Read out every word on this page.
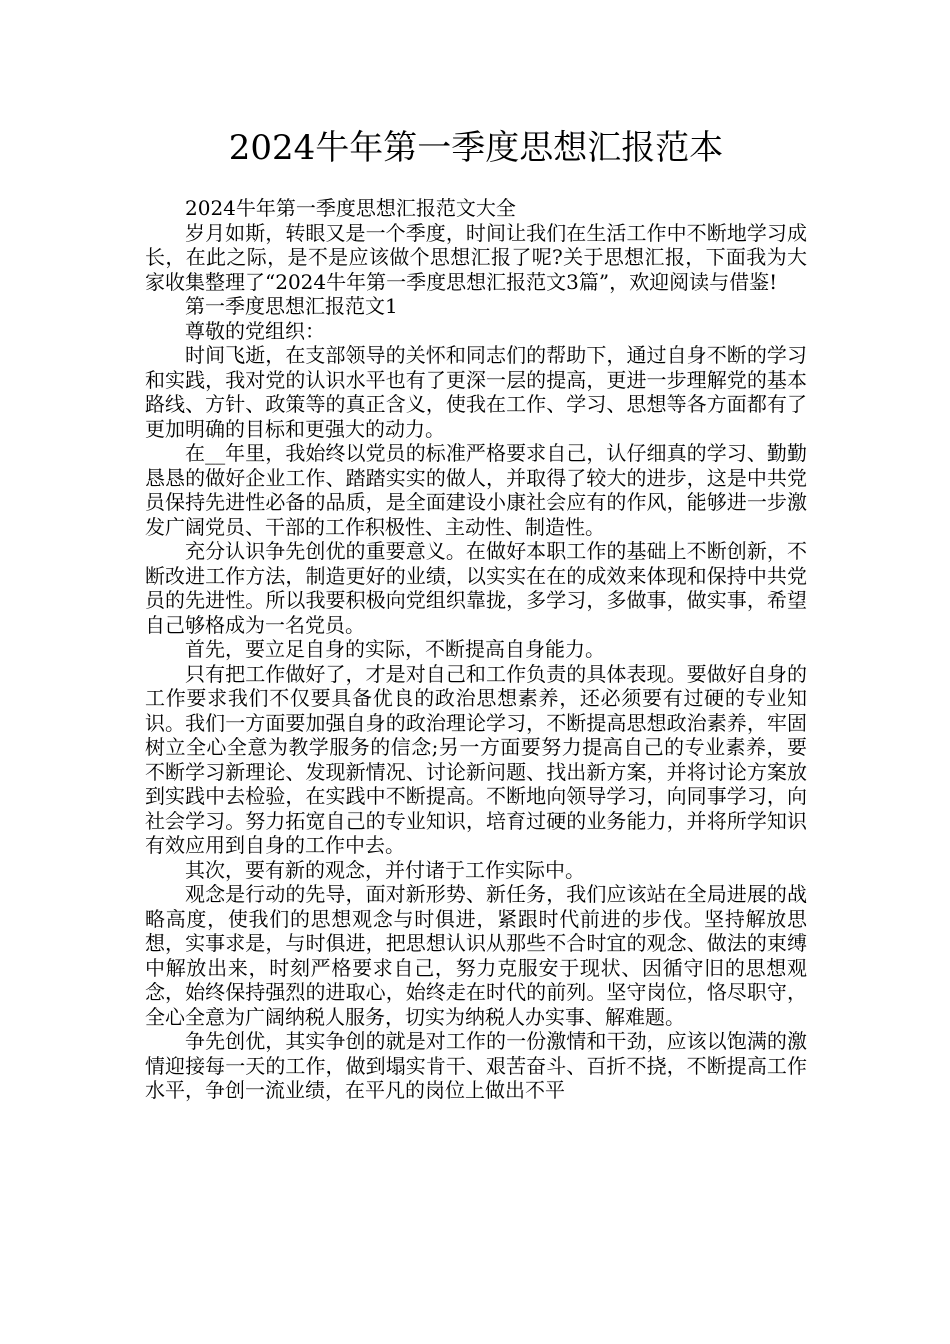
2024牛年第一季度思想汇报范本

2024牛年第一季度思想汇报范文大全

岁月如斯，转眼又是一个季度，时间让我们在生活工作中不断地学习成长，在此之际，是不是应该做个思想汇报了呢?关于思想汇报，下面我为大家收集整理了“2024牛年第一季度思想汇报范文3篇”，欢迎阅读与借鉴!

第一季度思想汇报范文1

尊敬的党组织：

时间飞逝，在支部领导的关怀和同志们的帮助下，通过自身不断的学习和实践，我对党的认识水平也有了更深一层的提高，更进一步理解党的基本路线、方针、政策等的真正含义，使我在工作、学习、思想等各方面都有了更加明确的目标和更强大的动力。

在__年里，我始终以党员的标准严格要求自己，认仔细真的学习、勤勤恳恳的做好企业工作、踏踏实实的做人，并取得了较大的进步，这是中共党员保持先进性必备的品质，是全面建设小康社会应有的作风，能够进一步激发广阔党员、干部的工作积极性、主动性、制造性。

充分认识争先创优的重要意义。在做好本职工作的基础上不断创新，不断改进工作方法，制造更好的业绩，以实实在在的成效来体现和保持中共党员的先进性。所以我要积极向党组织靠拢，多学习，多做事，做实事，希望自己够格成为一名党员。

首先，要立足自身的实际，不断提高自身能力。

只有把工作做好了，才是对自己和工作负责的具体表现。要做好自身的工作要求我们不仅要具备优良的政治思想素养，还必须要有过硬的专业知识。我们一方面要加强自身的政治理论学习，不断提高思想政治素养，牢固树立全心全意为教学服务的信念;另一方面要努力提高自己的专业素养，要不断学习新理论、发现新情况、讨论新问题、找出新方案，并将讨论方案放到实践中去检验，在实践中不断提高。不断地向领导学习，向同事学习，向社会学习。努力拓宽自己的专业知识，培育过硬的业务能力，并将所学知识有效应用到自身的工作中去。

其次，要有新的观念，并付诸于工作实际中。

观念是行动的先导，面对新形势、新任务，我们应该站在全局进展的战略高度，使我们的思想观念与时俱进，紧跟时代前进的步伐。坚持解放思想，实事求是，与时俱进，把思想认识从那些不合时宜的观念、做法的束缚中解放出来，时刻严格要求自己，努力克服安于现状、因循守旧的思想观念，始终保持强烈的进取心，始终走在时代的前列。坚守岗位，恪尽职守，全心全意为广阔纳税人服务，切实为纳税人办实事、解难题。

争先创优，其实争创的就是对工作的一份激情和干劲，应该以饱满的激情迎接每一天的工作，做到塌实肯干、艰苦奋斗、百折不挠，不断提高工作水平，争创一流业绩，在平凡的岗位上做出不平
